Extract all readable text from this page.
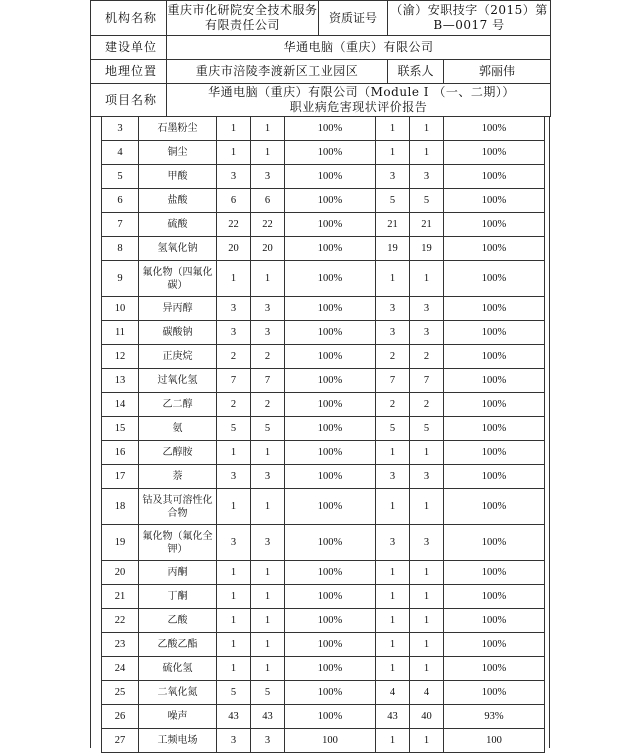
机构名称	重庆市化研院安全技术服务有限责任公司	资质证号	（渝）安职技字（2015）第 B—0017 号	
建设单位	华通电脑（重庆）有限公司			
地理位置	重庆市涪陵李渡新区工业园区		联系人	郭丽伟
项目名称	华通电脑（重庆）有限公司（Module I （一、二期））职业病危害现状评价报告			
3	石墨粉尘	1	1	100%	1	1	100%
4	铜尘	1	1	100%	1	1	100%
5	甲酸	3	3	100%	3	3	100%
6	盐酸	6	6	100%	5	5	100%
7	硫酸	22	22	100%	21	21	100%
8	氢氧化钠	20	20	100%	19	19	100%
9	氟化物（四氟化碳）	1	1	100%	1	1	100%
10	异丙醇	3	3	100%	3	3	100%
11	碳酸钠	3	3	100%	3	3	100%
12	正庚烷	2	2	100%	2	2	100%
13	过氧化氢	7	7	100%	7	7	100%
14	乙二醇	2	2	100%	2	2	100%
15	氨	5	5	100%	5	5	100%
16	乙醇胺	1	1	100%	1	1	100%
17	萘	3	3	100%	3	3	100%
18	钴及其可溶性化合物	1	1	100%	1	1	100%
19	氟化物（氟化全钾）	3	3	100%	3	3	100%
20	丙酮	1	1	100%	1	1	100%
21	丁酮	1	1	100%	1	1	100%
22	乙酸	1	1	100%	1	1	100%
23	乙酸乙酯	1	1	100%	1	1	100%
24	硫化氢	1	1	100%	1	1	100%
25	二氧化氮	5	5	100%	4	4	100%
26	噪声	43	43	100%	43	40	93%
27	工频电场	3	3	100	1	1	100
